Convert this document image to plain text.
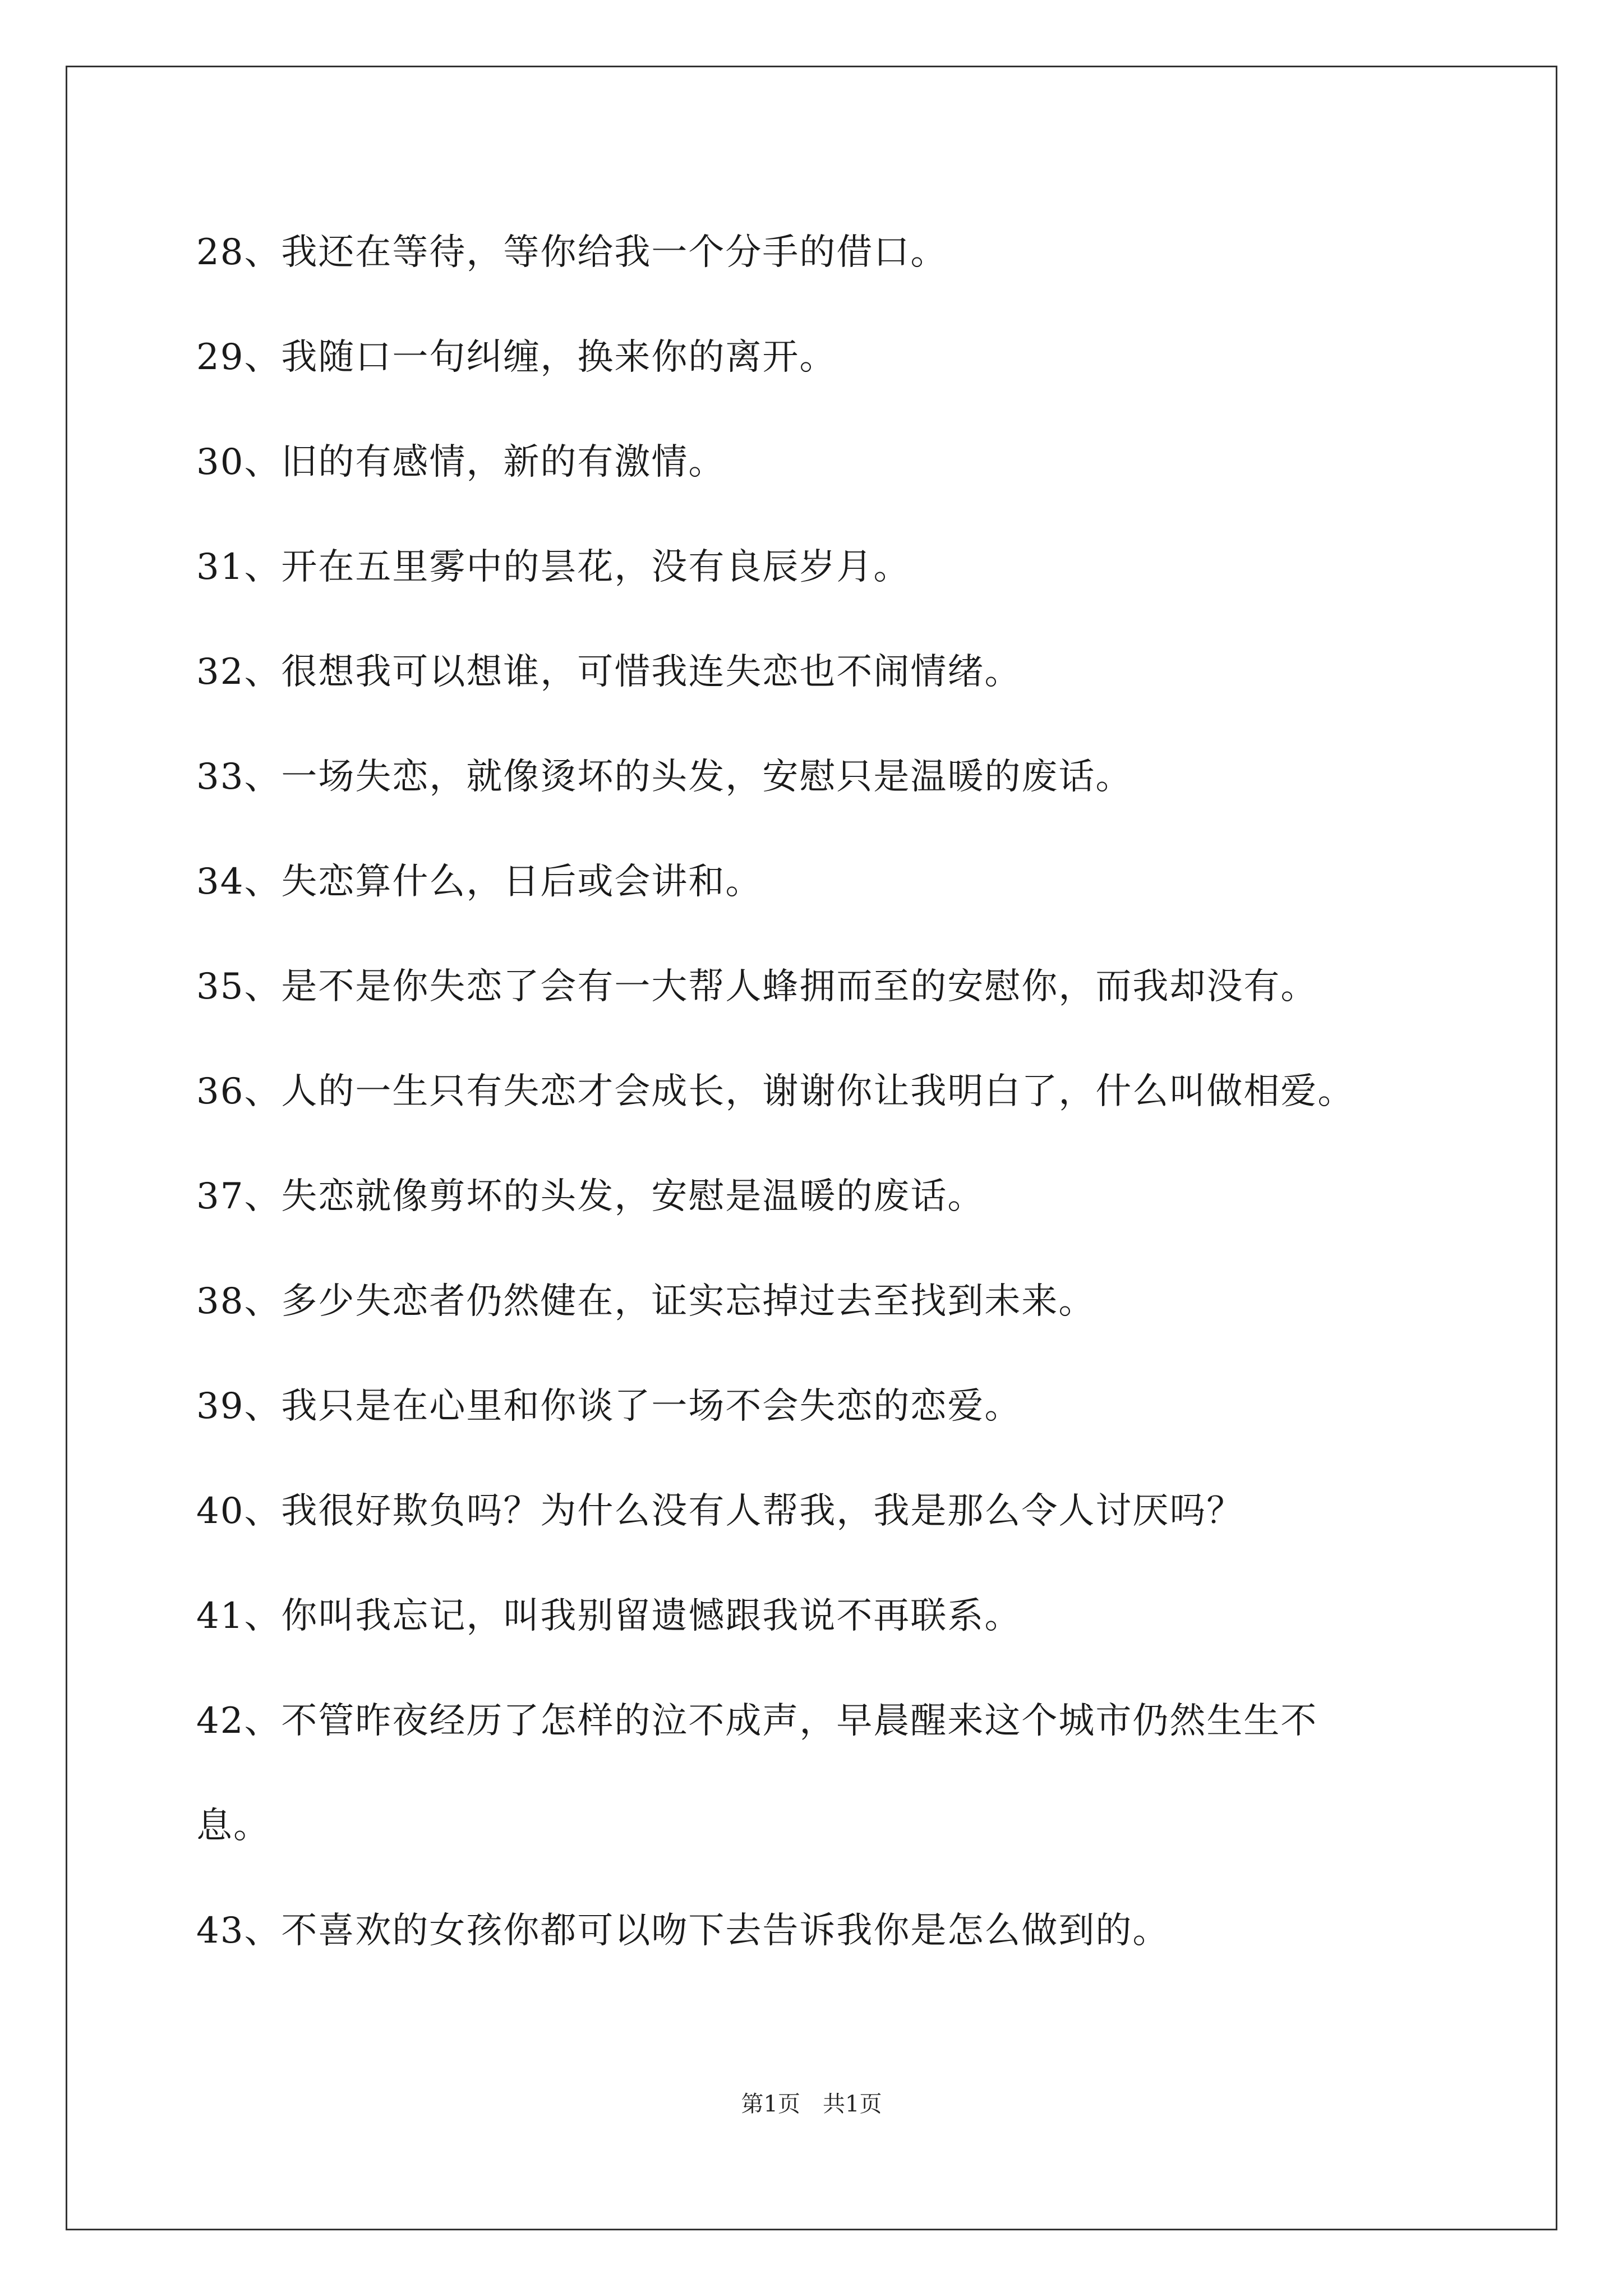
28、我还在等待，等你给我一个分手的借口。
29、我随口一句纠缠，换来你的离开。
30、旧的有感情，新的有激情。
31、开在五里雾中的昙花，没有良辰岁月。
32、很想我可以想谁，可惜我连失恋也不闹情绪。
33、一场失恋，就像烫坏的头发，安慰只是温暖的废话。
34、失恋算什么，日后或会讲和。
35、是不是你失恋了会有一大帮人蜂拥而至的安慰你，而我却没有。
36、人的一生只有失恋才会成长，谢谢你让我明白了，什么叫做相爱。
37、失恋就像剪坏的头发，安慰是温暖的废话。
38、多少失恋者仍然健在，证实忘掉过去至找到未来。
39、我只是在心里和你谈了一场不会失恋的恋爱。
40、我很好欺负吗？为什么没有人帮我，我是那么令人讨厌吗？
41、你叫我忘记，叫我别留遗憾跟我说不再联系。
42、不管昨夜经历了怎样的泣不成声，早晨醒来这个城市仍然生生不
息。
43、不喜欢的女孩你都可以吻下去告诉我你是怎么做到的。
第1页　共1页
